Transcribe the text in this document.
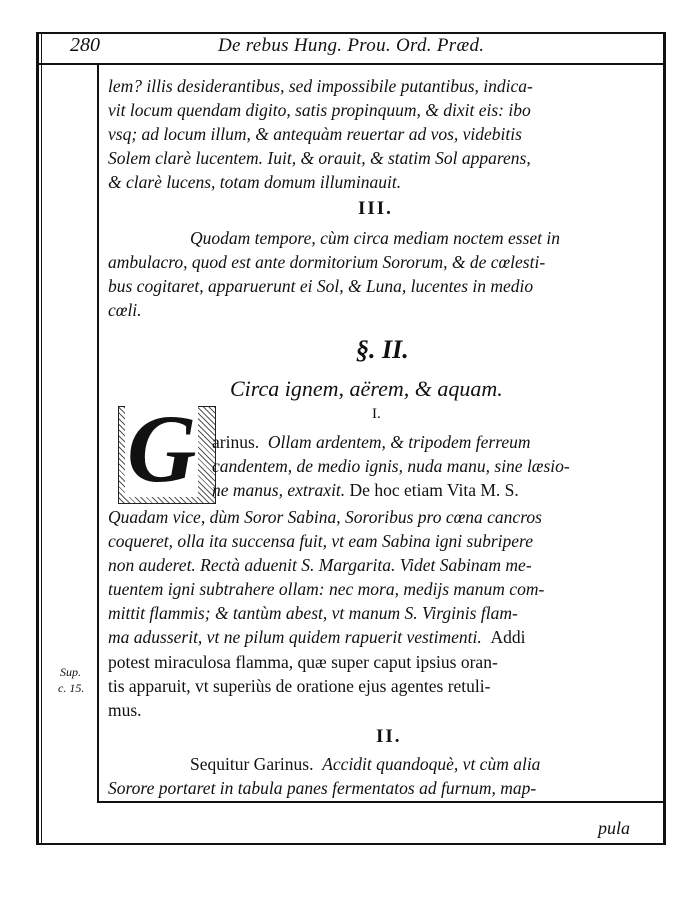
280	De rebus Hung. Prou. Ord. Præd.
lem? illis desiderantibus, sed impossibile putantibus, indica-
vit locum quendam digito, satis propinquum, & dixit eis: ibo
vsq; ad locum illum, & antequàm reuertar ad vos, videbitis
Solem clarè lucentem. Iuit, & orauit, & statim Sol apparens,
& clarè lucens, totam domum illuminauit.
III.
Quodam tempore, cùm circa mediam noctem esset in
ambulacro, quod est ante dormitorium Sororum, & de cœlesti-
bus cogitaret, apparuerunt ei Sol, & Luna, lucentes in medio
cœli.
§. II.
Circa ignem, aërem, & aquam.
I.
G arinus. Ollam ardentem, & tripodem ferreum
candentem, de medio ignis, nuda manu, sine læsio-
ne manus, extraxit. De hoc etiam Vita M. S.
Quadam vice, dùm Soror Sabina, Sororibus pro cœna cancros
coqueret, olla ita succensa fuit, vt eam Sabina igni subripere
non auderet. Rectà aduenit S. Margarita. Videt Sabinam me-
tuentem igni subtrahere ollam: nec mora, medijs manum com-
mittit flammis; & tantùm abest, vt manum S. Virginis flam-
ma adusserit, vt ne pilum quidem rapuerit vestimenti. Addi
potest miraculosa flamma, quæ super caput ipsius oran-
tis apparuit, vt superiùs de oratione ejus agentes retuli-
mus.
Sup.
c. 15.
II.
Sequitur Garinus. Accidit quandoquè, vt cùm alia
Sorore portaret in tabula panes fermentatos ad furnum, map-
pula
